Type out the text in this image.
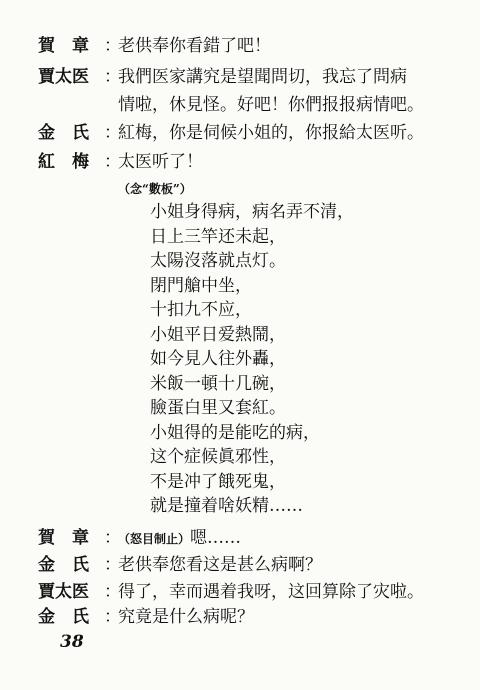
賀　章 ：老供奉你看錯了吧！
賈太医 ：我們医家講究是望聞問切，我忘了問病
情啦，休見怪。好吧！你們报报病情吧。
金　氏 ：紅梅，你是伺候小姐的，你报給太医听。
紅　梅 ：太医听了！
（念“數板”）
小姐身得病，病名弄不清，
日上三竿还未起，
太陽沒落就点灯。
閉門艙中坐，
十扣九不应，
小姐平日爱熱鬧，
如今見人往外轟，
米飯一頓十几碗，
臉蛋白里又套紅。
小姐得的是能吃的病，
这个症候眞邪性，
不是冲了餓死鬼，
就是撞着啥妖精……
賀　章 ：（怒目制止）嗯……
金　氏 ：老供奉您看这是甚么病啊？
賈太医 ：得了，幸而遇着我呀，这回算除了灾啦。
金　氏 ：究竟是什么病呢？
38
